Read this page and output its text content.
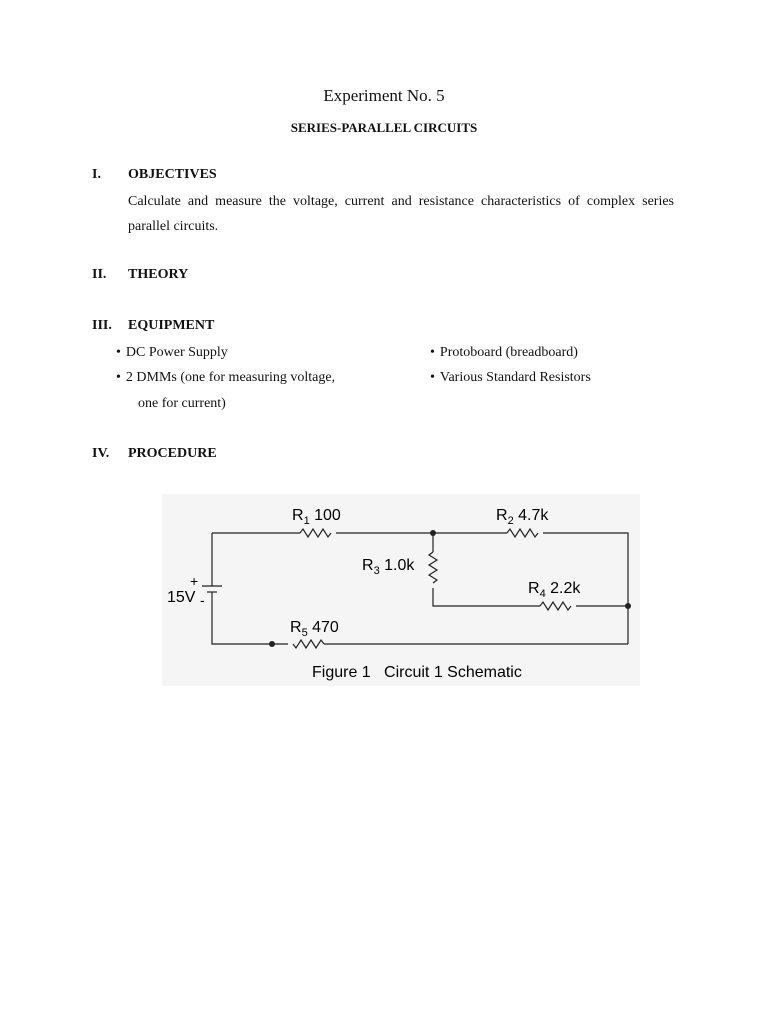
Experiment No. 5
SERIES-PARALLEL CIRCUITS
I. OBJECTIVES
Calculate and measure the voltage, current and resistance characteristics of complex series parallel circuits.
II. THEORY
III. EQUIPMENT
• DC Power Supply
• 2 DMMs (one for measuring voltage,
one for current)
• Protoboard (breadboard)
• Various Standard Resistors
IV. PROCEDURE
+
-
15V
$R_1$ 100	$R_2$ 4.7k
$R_3$ 1.0k
$R_4$ 2.2k
$R_5$ 470
Figure 1   Circuit 1 Schematic
